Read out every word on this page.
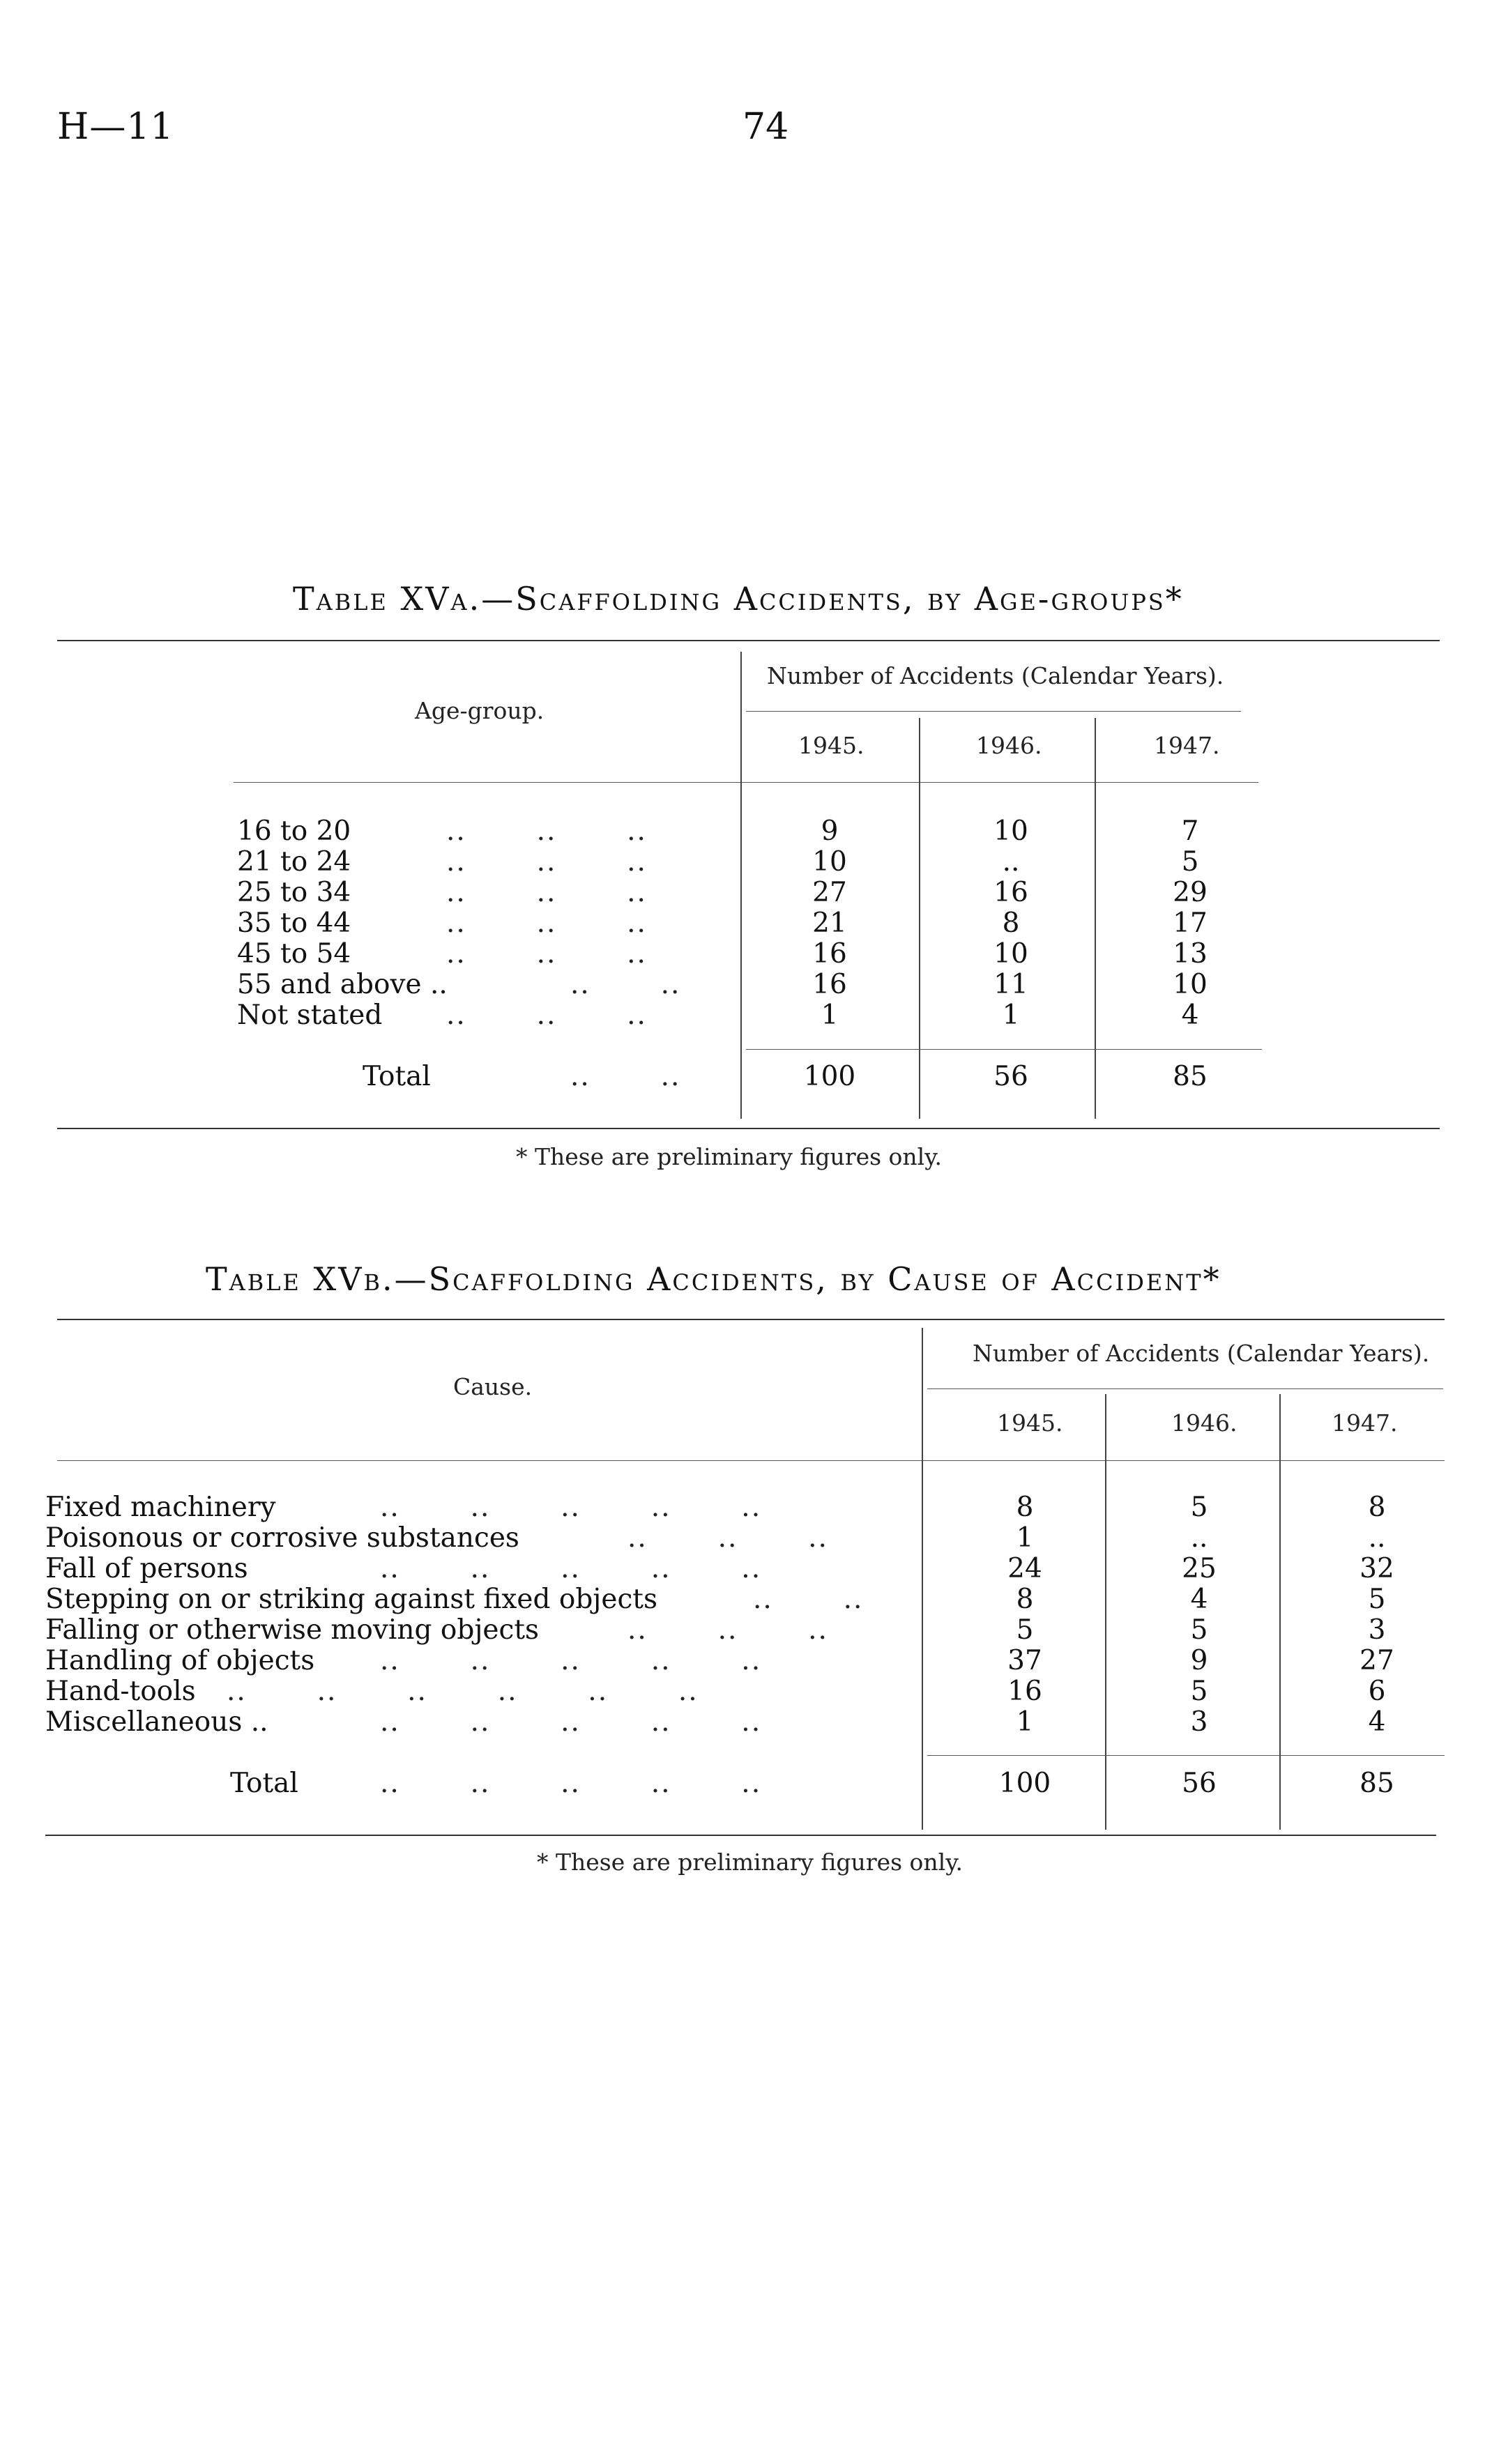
H—11	74
Table XVa.—Scaffolding Accidents, by Age-groups*
Age-group.
Number of Accidents (Calendar Years).
1945.	1946.	1947.
16 to 20	..       ..       ..	9	10	7
21 to 24	..       ..       ..	10	..	5
25 to 34	..       ..       ..	27	16	29
35 to 44	..       ..       ..	21	8	17
45 to 54	..       ..       ..	16	10	13
55 and above ..	..       ..	16	11	10
Not stated ..       ..       ..	1	1	4
Total	..       ..	100	56	85
* These are preliminary figures only.
Table XVb.—Scaffolding Accidents, by Cause of Accident*
Cause.
Number of Accidents (Calendar Years).
1945.	1946.	1947.
Fixed machinery	..       ..       ..       ..       ..	8	5	8
Poisonous or corrosive substances	..       ..       ..	1	..	..
Fall of persons	..       ..       ..       ..       ..	24	25	32
Stepping on or striking against fixed objects	..       ..	8	4	5
Falling or otherwise moving objects	..       ..       ..	5	5	3
Handling of objects ..       ..       ..       ..       ..	37	9	27
Hand-tools ..       ..       ..       ..       ..       ..	16	5	6
Miscellaneous ..	..       ..       ..       ..       ..	1	3	4
Total	..       ..       ..       ..       ..	100	56	85
* These are preliminary figures only.
